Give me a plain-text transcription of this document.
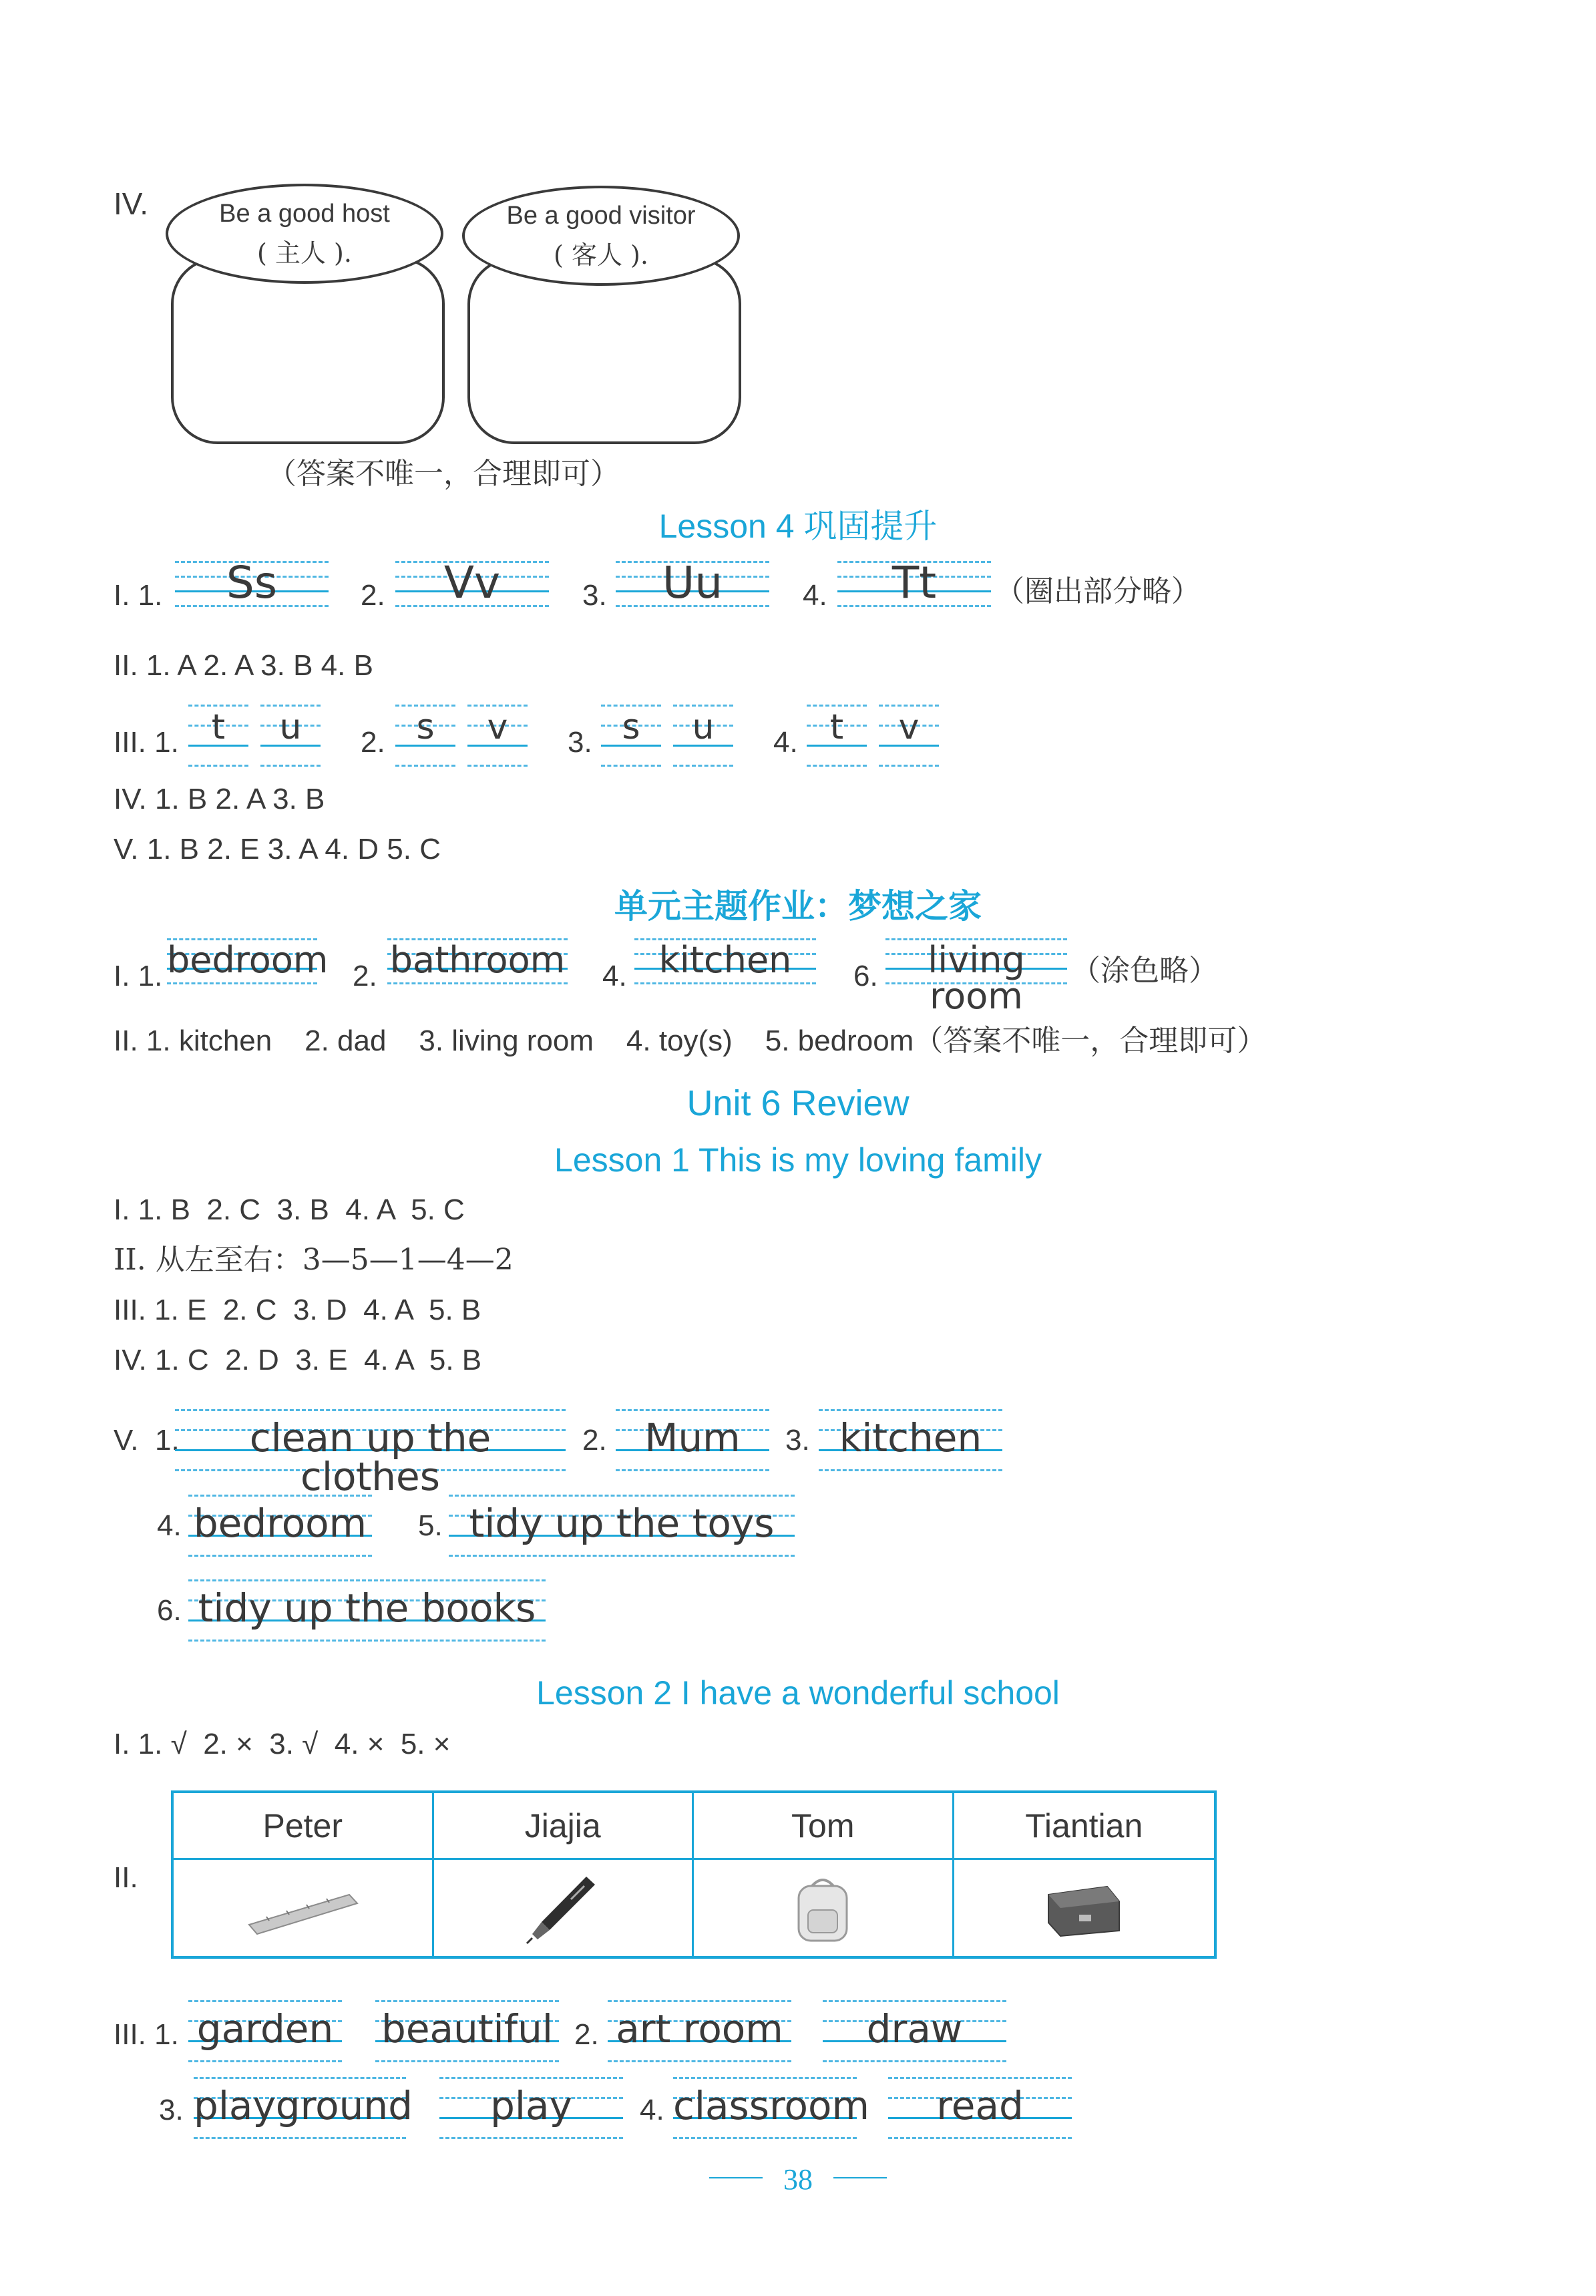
IV.	Be a good host
( 主人 ).
Be a good visitor
( 客人 ).
（答案不唯一，合理即可）
Lesson 4 巩固提升
I. 1.	Ss	2.	Vv	3.	Uu	4.	Tt	（圈出部分略）
II. 1. A 2. A 3. B 4. B
III. 1. t	u	2. s	v	3. s	u	4. t	v
IV. 1. B 2. A 3. B
V. 1. B 2. E 3. A 4. D 5. C
单元主题作业：梦想之家
I. 1. bedroom 2. bathroom 4. kitchen	6.	living room
（涂色略）
II. 1. kitchen    2. dad    3. living room    4. toy(s)    5. bedroom（答案不唯一，合理即可）
Unit 6 Review
Lesson 1 This is my loving family
I. 1. B  2. C  3. B  4. A  5. C
II. 从左至右：3—5—1—4—2
III. 1. E  2. C  3. D  4. A  5. B
IV. 1. C  2. D  3. E  4. A  5. B
V.  1.	clean up the clothes
2. Mum	3. kitchen
4. bedroom 5. tidy up the toys
6. tidy up the books
Lesson 2 I have a wonderful school
I. 1. √  2. ×  3. √  4. ×  5. ×
II.
Peter	Jiajia	Tom	Tiantian
III. 1. garden beautiful 2. art room	draw
3. playground	play	4. classroom	read
38
